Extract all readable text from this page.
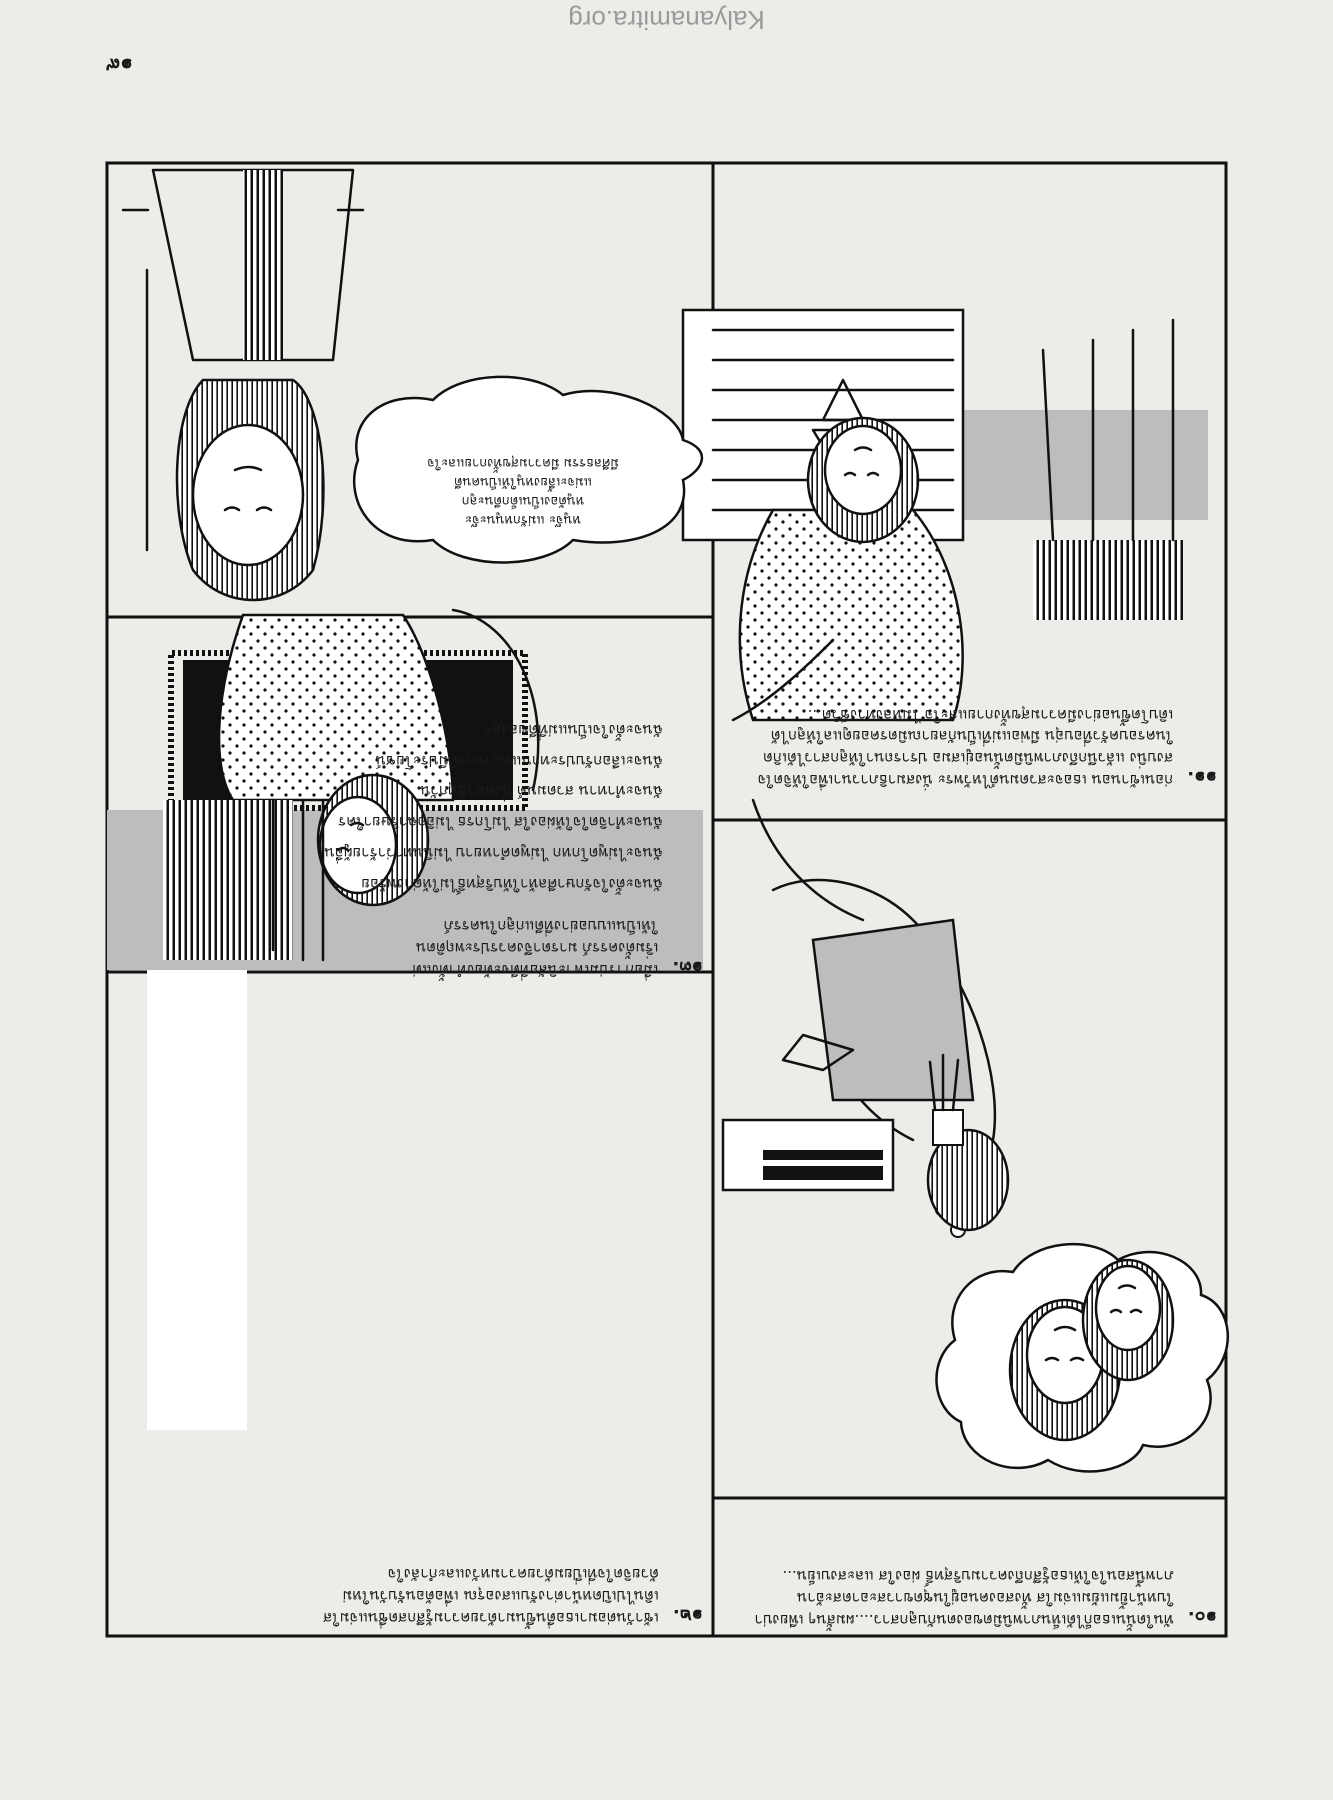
๑๐.
ทันใดนั้นเธอก็ได้เห็นภาพนิมิตของตนกับลูกสาว....ผมสั้นๆ เพียงบ่า
ใบหน้ายิ้มแย้มแจ่มใส ทั้งสองคนอยู่ในชุดขาวสะอาดสะอ้าน
ภาพนี้สอนใจให้เธอรู้สึกถึงความบริสุทธิ์ ผ่องใส และสงบเย็น...
๑๑.
ก่อนเข้านอน เธอจะสวดมนต์ไหว้พระ นั่งสมาธิภาวนาเพื่อให้จิตใจ
สงบนิ่ง แล้วนึกถึงภาพนิมิตนั้นอยู่เสมอ ปรารถนาให้ลูกสาวได้เกิด
ในครอบครัวที่อบอุ่น มีพ่อแม่ที่เป็นกัลยาณมิตรคอยดูแลให้ลูกได้
เติบโตขึ้นอย่างมีความสุขทั้งกายและใจ ไม่หลงทางชีวิต...
๑๒.
เช้าวันต่อมาเธอตื่นขึ้นมาด้วยความรู้สึกสดชื่นแจ่มใส
เดินไปเปิดหน้าต่างรับแสงอรุณ เพื่อต้อนรับวันใหม่
ด้วยจิตใจที่เปี่ยมด้วยความหวังและกำลังใจ
๑๓.
เมื่อการบ่มเพาะนิสัยที่ดีจะต้องทำตั้งแต่
เริ่มตั้งครรภ์ มารดาจึงควรประพฤติตน
ให้เป็นแบบอย่างที่ดีแก่ลูกในครรภ์
ฉันจะตั้งใจรักษาศีลห้าให้บริสุทธิ์ไม่ให้ด่างพร้อย
ฉันจะไม่พูดโกหก ไม่พูดคำหยาบ ไม่นินทาว่าร้ายผู้อื่น
ฉันจะทำจิตใจให้ผ่องใส ไม่โกรธ ไม่อิจฉาริษยาใคร
ฉันจะทำทาน สวดมนต์ นั่งสมาธิทุกวัน
ฉันจะเลือกรับประทานแต่อาหารที่มีประโยชน์
ฉันจะตั้งใจเป็นแม่ที่ดีของลูก
หนูจ๊ะ แม่รักหนูนะจ๊ะ
หนูต้องเป็นเด็กดีนะลูก
แม่จะเลี้ยงหนูให้เป็นคนดี
มีศีลธรรม มีความสุขทั้งกายและใจ
๑๙
Kalyanamitra.org
